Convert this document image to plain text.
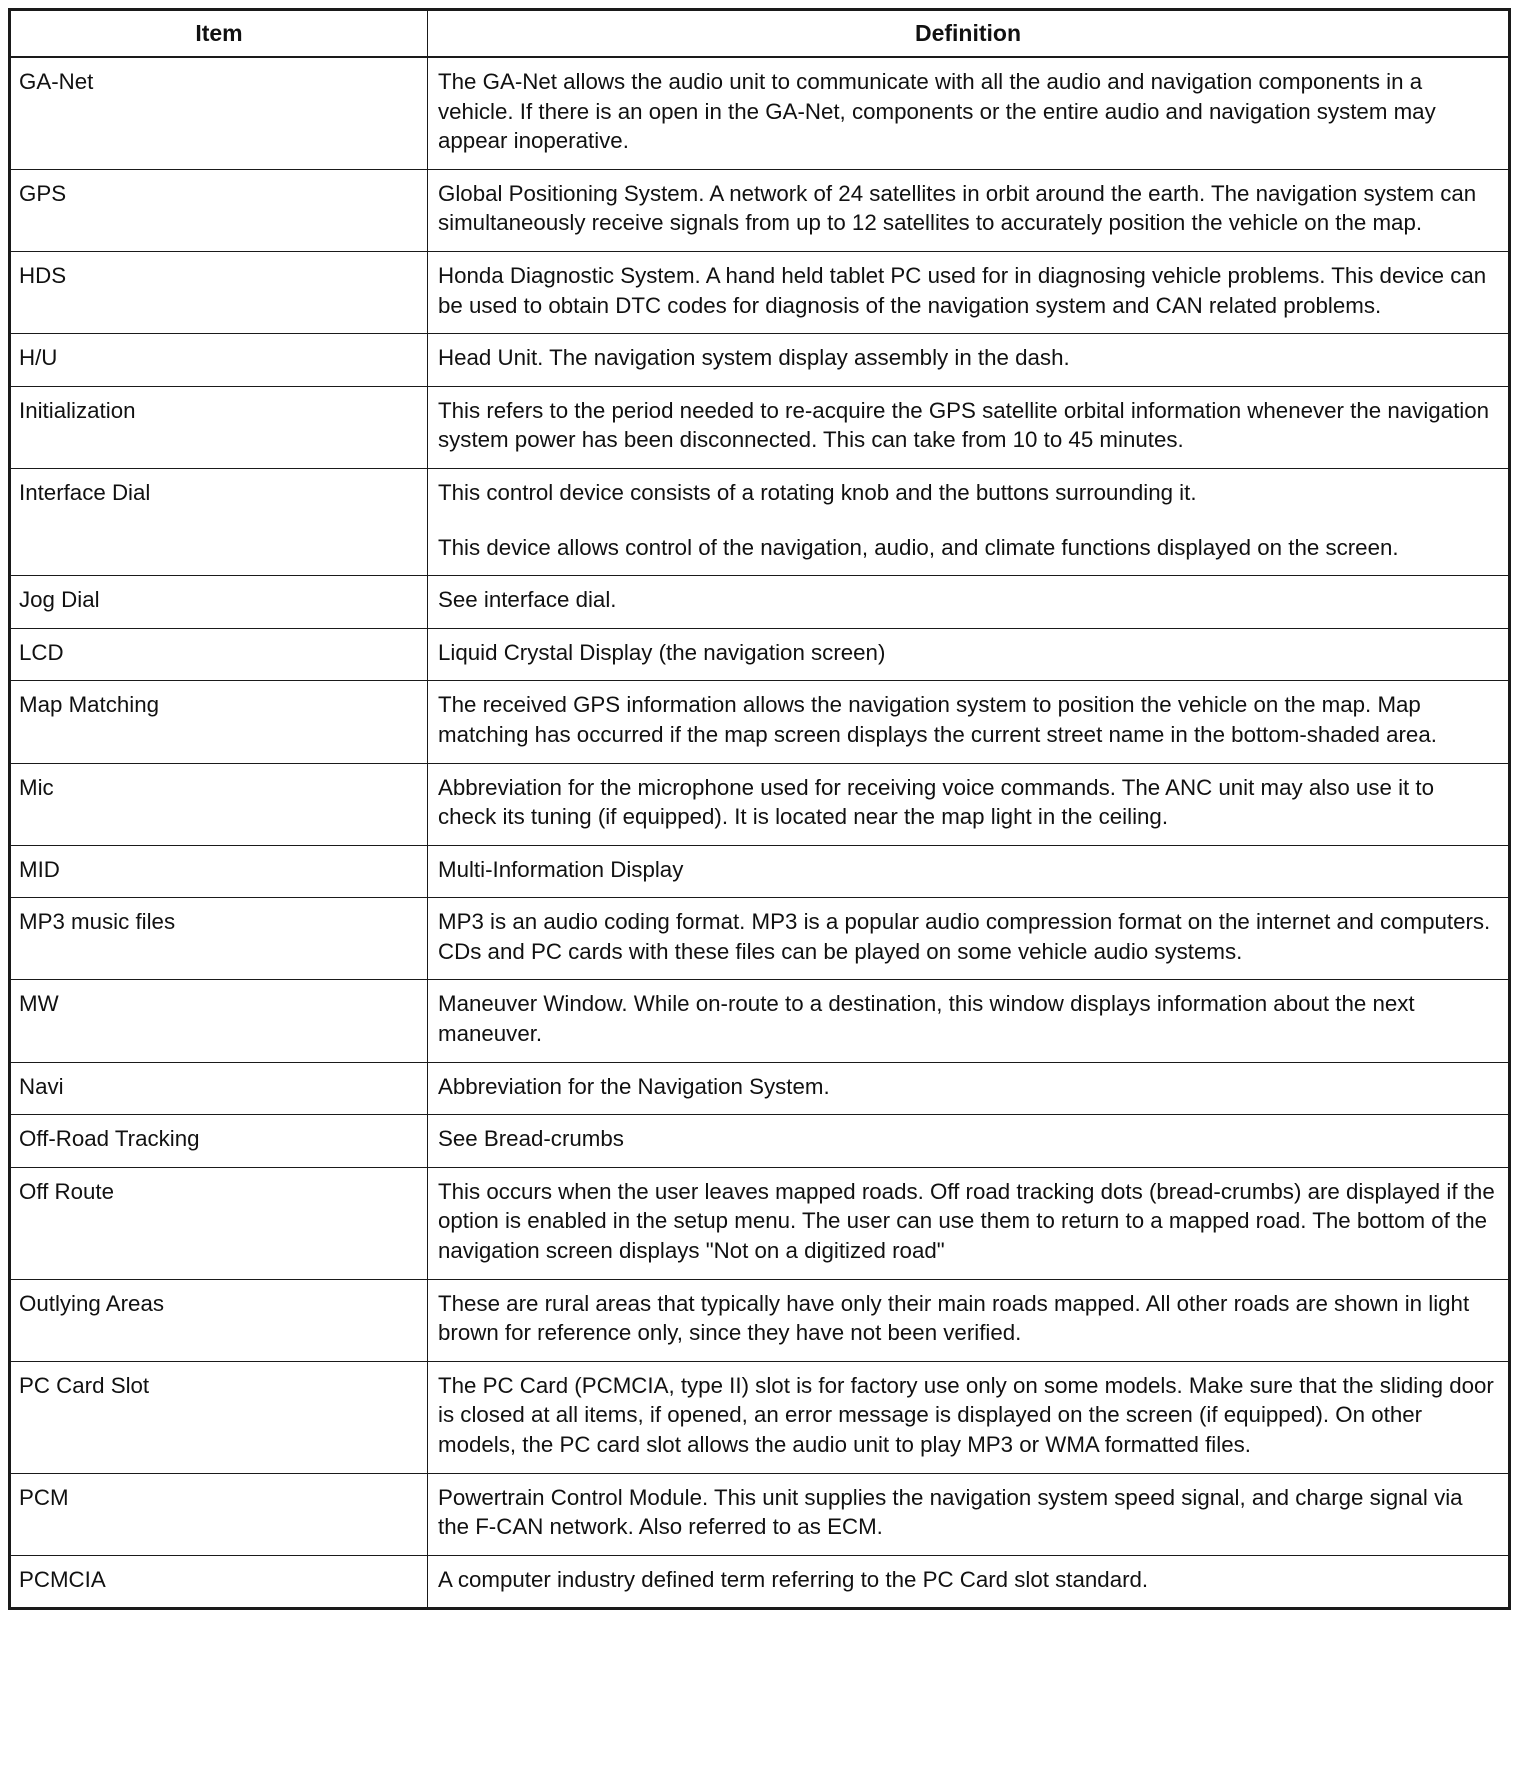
Item	Definition
GA-Net	The GA-Net allows the audio unit to communicate with all the audio and navigation components in a vehicle. If there is an open in the GA-Net, components or the entire audio and navigation system may appear inoperative.

GPS	Global Positioning System. A network of 24 satellites in orbit around the earth. The navigation system can simultaneously receive signals from up to 12 satellites to accurately position the vehicle on the map.

HDS	Honda Diagnostic System. A hand held tablet PC used for in diagnosing vehicle problems. This device can be used to obtain DTC codes for diagnosis of the navigation system and CAN related problems.

H/U	Head Unit. The navigation system display assembly in the dash.

Initialization	This refers to the period needed to re-acquire the GPS satellite orbital information whenever the navigation system power has been disconnected. This can take from 10 to 45 minutes.

Interface Dial	This control device consists of a rotating knob and the buttons surrounding it.

This device allows control of the navigation, audio, and climate functions displayed on the screen.

Jog Dial	See interface dial.

LCD	Liquid Crystal Display (the navigation screen)

Map Matching	The received GPS information allows the navigation system to position the vehicle on the map. Map matching has occurred if the map screen displays the current street name in the bottom-shaded area.

Mic	Abbreviation for the microphone used for receiving voice commands. The ANC unit may also use it to check its tuning (if equipped). It is located near the map light in the ceiling.

MID	Multi-Information Display

MP3 music files	MP3 is an audio coding format. MP3 is a popular audio compression format on the internet and computers. CDs and PC cards with these files can be played on some vehicle audio systems.

MW	Maneuver Window. While on-route to a destination, this window displays information about the next maneuver.

Navi	Abbreviation for the Navigation System.

Off-Road Tracking	See Bread-crumbs

Off Route	This occurs when the user leaves mapped roads. Off road tracking dots (bread-crumbs) are displayed if the option is enabled in the setup menu. The user can use them to return to a mapped road. The bottom of the navigation screen displays "Not on a digitized road"

Outlying Areas	These are rural areas that typically have only their main roads mapped. All other roads are shown in light brown for reference only, since they have not been verified.

PC Card Slot	The PC Card (PCMCIA, type II) slot is for factory use only on some models. Make sure that the sliding door is closed at all items, if opened, an error message is displayed on the screen (if equipped). On other models, the PC card slot allows the audio unit to play MP3 or WMA formatted files.

PCM	Powertrain Control Module. This unit supplies the navigation system speed signal, and charge signal via the F-CAN network. Also referred to as ECM.

PCMCIA	A computer industry defined term referring to the PC Card slot standard.
